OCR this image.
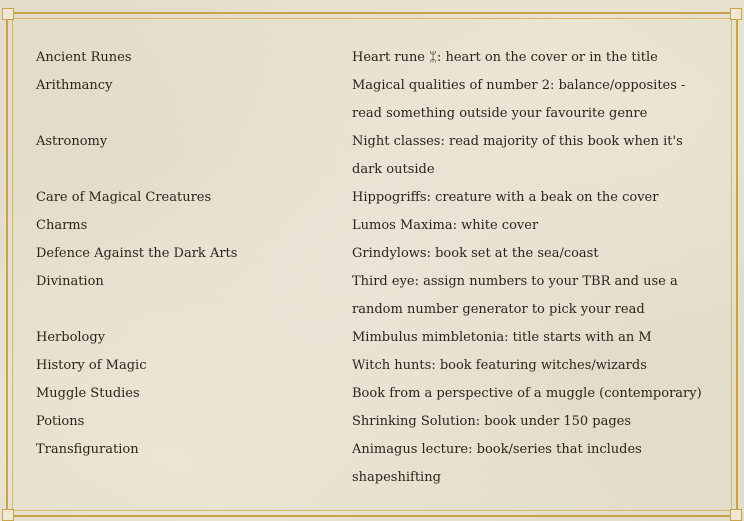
Ancient Runes	Heart rune ᛯ: heart on the cover or in the title
Arithmancy	Magical qualities of number 2: balance/opposites -
read something outside your favourite genre
Astronomy	Night classes: read majority of this book when it's
dark outside
Care of Magical Creatures	Hippogriffs: creature with a beak on the cover
Charms	Lumos Maxima: white cover
Defence Against the Dark Arts	Grindylows: book set at the sea/coast
Divination	Third eye: assign numbers to your TBR and use a
random number generator to pick your read
Herbology	Mimbulus mimbletonia: title starts with an M
History of Magic	Witch hunts: book featuring witches/wizards
Muggle Studies	Book from a perspective of a muggle (contemporary)
Potions	Shrinking Solution: book under 150 pages
Transfiguration	Animagus lecture: book/series that includes
shapeshifting
